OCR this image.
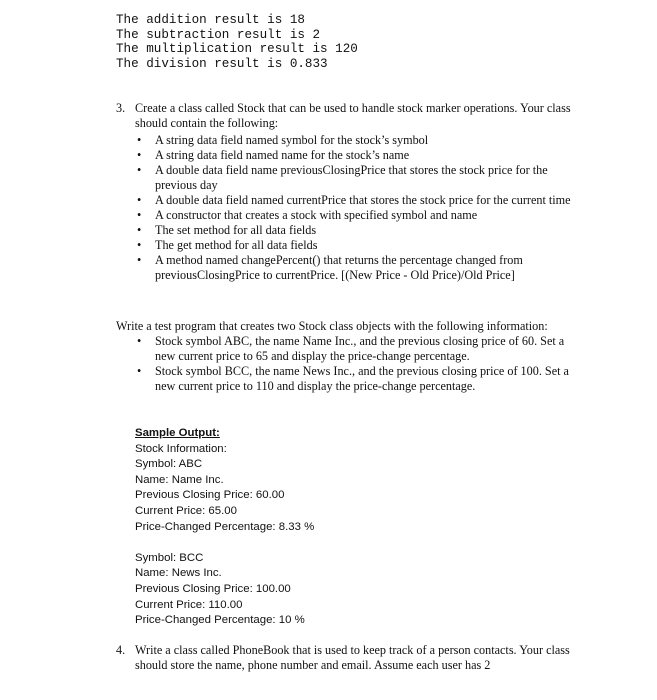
The addition result is 18
The subtraction result is 2
The multiplication result is 120
The division result is 0.833
3. Create a class called Stock that can be used to handle stock marker operations. Your class should contain the following:
• A string data field named symbol for the stock’s symbol
• A string data field named name for the stock’s name
• A double data field name previousClosingPrice that stores the stock price for the previous day
• A double data field named currentPrice that stores the stock price for the current time
• A constructor that creates a stock with specified symbol and name
• The set method for all data fields
• The get method for all data fields
• A method named changePercent() that returns the percentage changed from previousClosingPrice to currentPrice. [(New Price - Old Price)/Old Price]
Write a test program that creates two Stock class objects with the following information:
• Stock symbol ABC, the name Name Inc., and the previous closing price of 60. Set a new current price to 65 and display the price-change percentage.
• Stock symbol BCC, the name News Inc., and the previous closing price of 100. Set a new current price to 110 and display the price-change percentage.
Sample Output:
Stock Information:
Symbol: ABC
Name: Name Inc.
Previous Closing Price: 60.00
Current Price: 65.00
Price-Changed Percentage: 8.33 %
Symbol: BCC
Name: News Inc.
Previous Closing Price: 100.00
Current Price: 110.00
Price-Changed Percentage: 10 %
4. Write a class called PhoneBook that is used to keep track of a person contacts. Your class should store the name, phone number and email. Assume each user has 2
